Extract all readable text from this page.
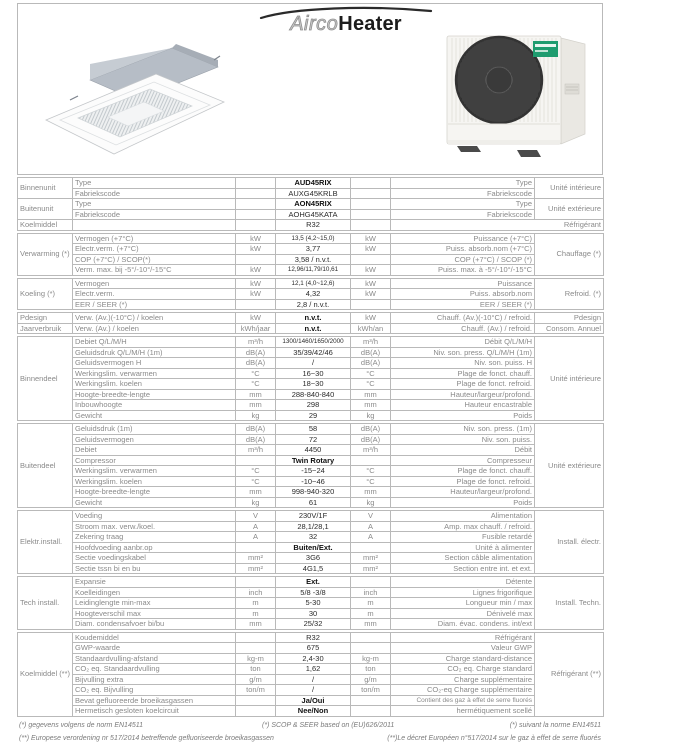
AircoHeater
Binnenunit	Type		AUD45RIX		Type	Unité intérieure
	Fabriekscode		AUXG45KRLB		Fabriekscode	
Buitenunit	Type		AON45RIX		Type	Unité extérieure
	Fabriekscode		AOHG45KATA		Fabriekscode	
Koelmiddel			R32		Réfrigérant	
Verwarming (*)	Vermogen (+7°C)	kW	13,5 (4,2~15,0)	kW	Puissance (+7°C)	Chauffage (*)
	Electr.verm. (+7°C)	kW	3,77	kW	Puiss. absorb.nom (+7°C)	
	COP (+7°C) / SCOP(*)		3,58 / n.v.t.		COP (+7°C) / SCOP (*)	
	Verm. max. bij -5°/-10°/-15°C	kW	12,96/11,79/10,61	kW	Puiss. max. à -5°/-10°/-15°C	
Koeling (*)	Vermogen	kW	12,1 (4,0~12,6)	kW	Puissance	Refroid. (*)
	Electr.verm.	kW	4,32	kW	Puiss. absorb.nom	
	EER / SEER (*)		2,8 / n.v.t.		EER / SEER (*)	
Pdesign	Verw. (Av.)(-10°C) / koelen	kW	n.v.t.	kW	Chauff. (Av.)(-10°C) / refroid.	Pdesign
Jaarverbruik	Verw. (Av.) / koelen	kWh/jaar	n.v.t.	kWh/an	Chauff. (Av.) / refroid.	Consom. Annuel
Binnendeel	Debiet Q/L/M/H	m³/h	1300/1460/1650/2000	m³/h	Débit Q/L/M/H	Unité intérieure
	Geluidsdruk Q/L/M/H (1m)	dB(A)	35/39/42/46	dB(A)	Niv. son. press. Q/L/M/H (1m)	
	Geluidsvermogen H	dB(A)	/	dB(A)	Niv. son. puiss. H	
	Werkingslim. verwarmen	°C	16~30	°C	Plage de fonct. chauff.	
	Werkingslim. koelen	°C	18~30	°C	Plage de fonct. refroid.	
	Hoogte-breedte-lengte	mm	288-840-840	mm	Hauteur/largeur/profond.	
	Inbouwhoogte	mm	298	mm	Hauteur encastrable	
	Gewicht	kg	29	kg	Poids	
Buitendeel	Geluidsdruk (1m)	dB(A)	58	dB(A)	Niv. son. press. (1m)	Unité extérieure
	Geluidsvermogen	dB(A)	72	dB(A)	Niv. son. puiss.	
	Debiet	m³/h	4450	m³/h	Débit	
	Compressor		Twin Rotary		Compresseur	
	Werkingslim. verwarmen	°C	-15~24	°C	Plage de fonct. chauff.	
	Werkingslim. koelen	°C	-10~46	°C	Plage de fonct. refroid.	
	Hoogte-breedte-lengte	mm	998-940-320	mm	Hauteur/largeur/profond.	
	Gewicht	kg	61	kg	Poids	
Elektr.install.	Voeding	V	230V/1F	V	Alimentation	Install. électr.
	Stroom max. verw./koel.	A	28,1/28,1	A	Amp. max chauff. / refroid.	
	Zekering traag	A	32	A	Fusible retardé	
	Hoofdvoeding aanbr.op		Buiten/Ext.		Unité à alimenter	
	Sectie voedingskabel	mm²	3G6	mm²	Section câble alimentation	
	Sectie tssn bi en bu	mm²	4G1,5	mm²	Section entre int. et ext.	
Tech install.	Expansie		Ext.		Détente	Install. Techn.
	Koelleidingen	inch	5/8 -3/8	inch	Lignes frigorifique	
	Leidinglengte min-max	m	5-30	m	Longueur min / max	
	Hoogteverschil max	m	30	m	Dénivelé max	
	Diam. condensafvoer bi/bu	mm	25/32	mm	Diam. évac. condens. int/ext	
Koelmiddel (**)	Koudemiddel		R32		Réfrigérant	Réfrigérant (**)
	GWP-waarde		675		Valeur GWP	
	Standaardvulling-afstand	kg-m	2,4-30	kg-m	Charge standard-distance	
	CO₂ eq. Standaardvulling	ton	1,62	ton	CO₂ eq. Charge standard	
	Bijvulling extra	g/m	/	g/m	Charge supplémentaire	
	CO₂ eq. Bijvulling	ton/m	/	ton/m	CO₂-eq Charge supplémentaire	
	Bevat gefluoreerde broeikasgassen		Ja/Oui		Contient des gaz à effet de serre fluorés	
	Hermetisch gesloten koelcircuit		Nee/Non		hermétiquement scellé	
(*) gegevens volgens de norm EN14511	(*) SCOP & SEER based on (EU)626/2011	(*) suivant la norme EN14511
(**) Europese verordening nr 517/2014 betreffende gefluoriseerde broeikasgassen	(**)Le décret Européen n°517/2014 sur le gaz à effet de serre fluorés
